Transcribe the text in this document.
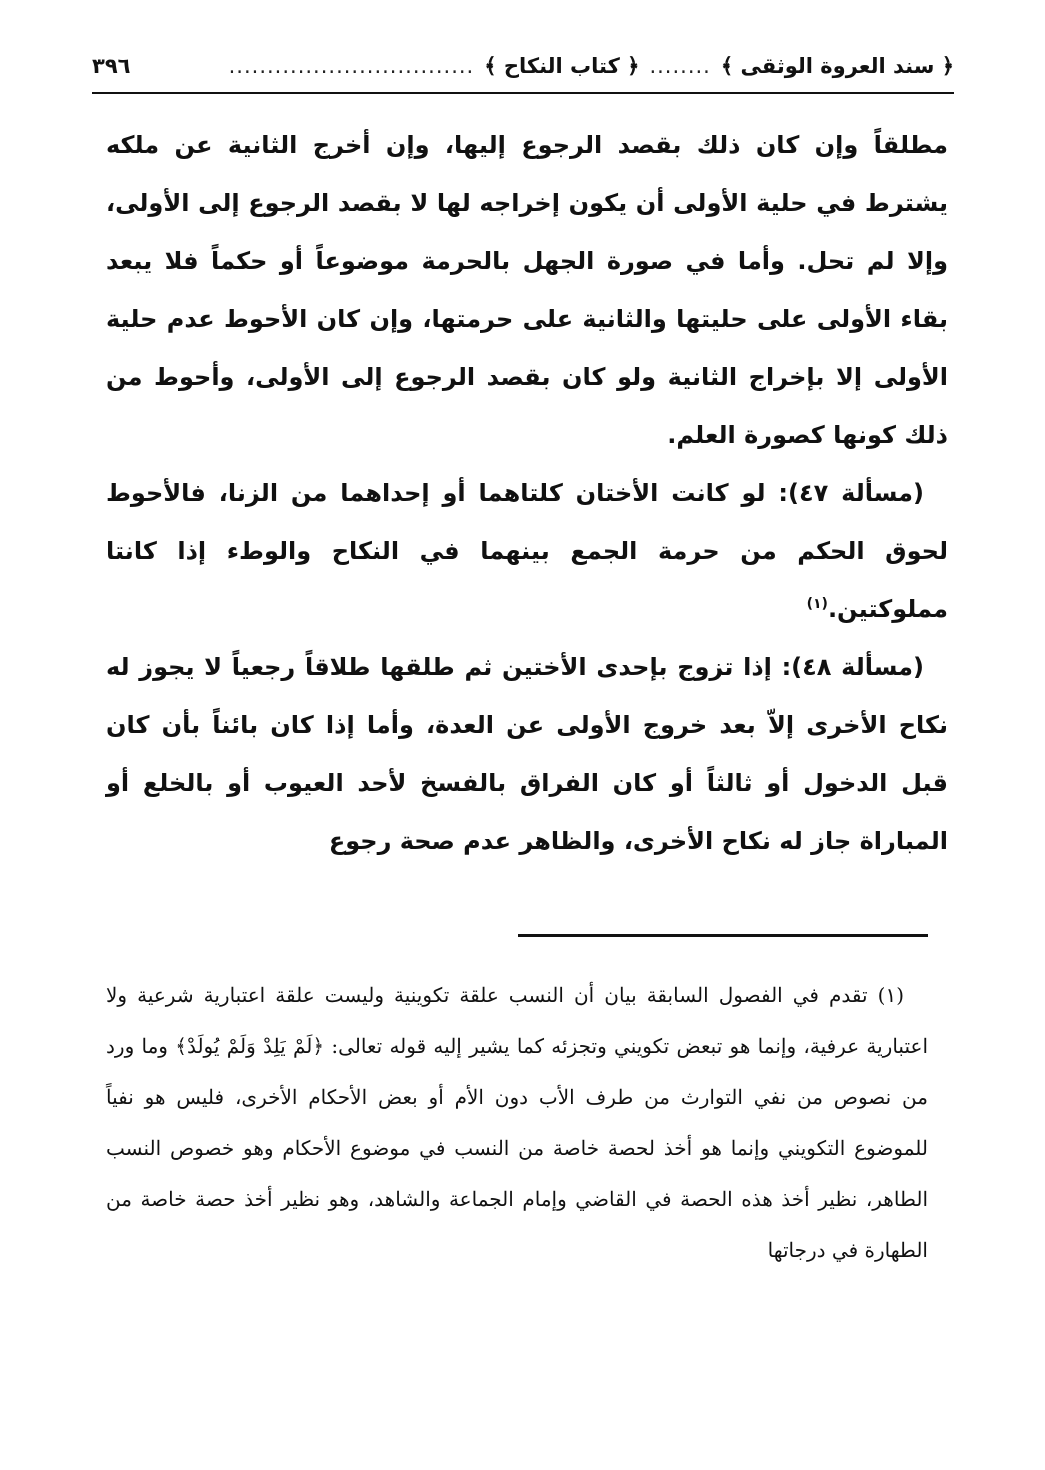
﴿ سند العروة الوثقى ﴾
........
﴿ كتاب النكاح ﴾
................................
٣٩٦

مطلقاً وإن كان ذلك بقصد الرجوع إليها، وإن أخرج الثانية عن ملكه يشترط في حلية الأولى أن يكون إخراجه لها لا بقصد الرجوع إلى الأولى، وإلا لم تحل. وأما في صورة الجهل بالحرمة موضوعاً أو حكماً فلا يبعد بقاء الأولى على حليتها والثانية على حرمتها، وإن كان الأحوط عدم حلية الأولى إلا بإخراج الثانية ولو كان بقصد الرجوع إلى الأولى، وأحوط من ذلك كونها كصورة العلم.

(مسألة ٤٧): لو كانت الأختان كلتاهما أو إحداهما من الزنا، فالأحوط لحوق الحكم من حرمة الجمع بينهما في النكاح والوطء إذا كانتا مملوكتين.$^{(١)}$

(مسألة ٤٨): إذا تزوج بإحدى الأختين ثم طلقها طلاقاً رجعياً لا يجوز له نكاح الأخرى إلاّ بعد خروج الأولى عن العدة، وأما إذا كان بائناً بأن كان قبل الدخول أو ثالثاً أو كان الفراق بالفسخ لأحد العيوب أو بالخلع أو المباراة جاز له نكاح الأخرى، والظاهر عدم صحة رجوع

(١) تقدم في الفصول السابقة بيان أن النسب علقة تكوينية وليست علقة اعتبارية شرعية ولا اعتبارية عرفية، وإنما هو تبعض تكويني وتجزئه كما يشير إليه قوله تعالى: ﴿لَمْ يَلِدْ وَلَمْ يُولَدْ﴾ وما ورد من نصوص من نفي التوارث من طرف الأب دون الأم أو بعض الأحكام الأخرى، فليس هو نفياً للموضوع التكويني وإنما هو أخذ لحصة خاصة من النسب في موضوع الأحكام وهو خصوص النسب الطاهر، نظير أخذ هذه الحصة في القاضي وإمام الجماعة والشاهد، وهو نظير أخذ حصة خاصة من الطهارة في درجاتها
